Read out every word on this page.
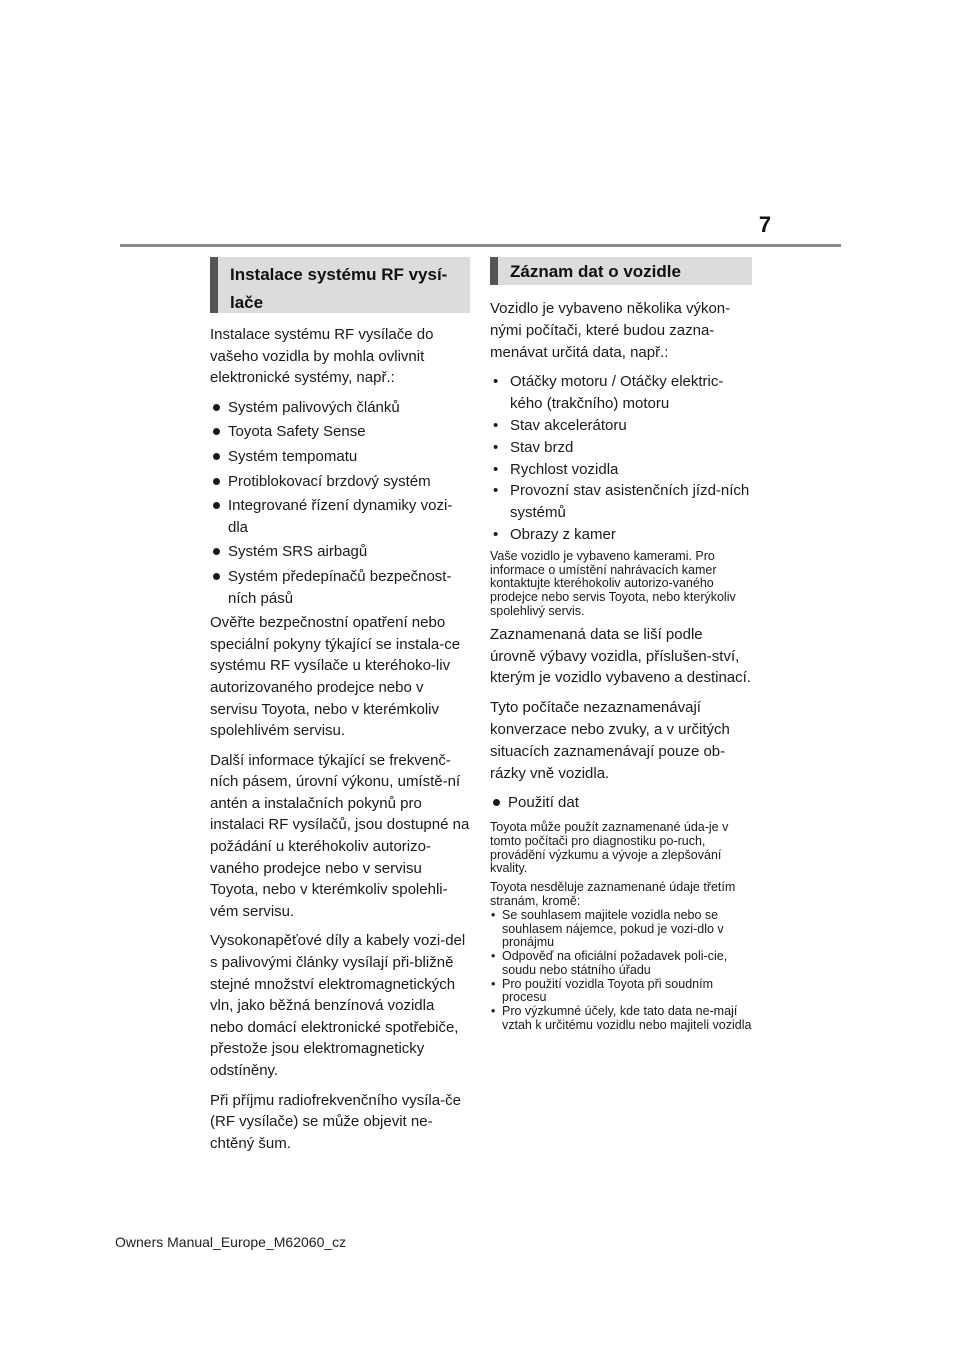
7
Instalace systému RF vysí-lače

Instalace systému RF vysílače do vašeho vozidla by mohla ovlivnit elektronické systémy, např.:

Systém palivových článků
Toyota Safety Sense
Systém tempomatu
Protiblokovací brzdový systém
Integrované řízení dynamiky vozi-dla
Systém SRS airbagů
Systém předepínačů bezpečnost-ních pásů

Ověřte bezpečnostní opatření nebo speciální pokyny týkající se instala-ce systému RF vysílače u kteréhoko-liv autorizovaného prodejce nebo v servisu Toyota, nebo v kterémkoliv spolehlivém servisu.

Další informace týkající se frekvenč-ních pásem, úrovní výkonu, umístě-ní antén a instalačních pokynů pro instalaci RF vysílačů, jsou dostupné na požádání u kteréhokoliv autorizo-vaného prodejce nebo v servisu Toyota, nebo v kterémkoliv spolehli-vém servisu.

Vysokonapěťové díly a kabely vozi-del s palivovými články vysílají při-bližně stejné množství elektromagnetických vln, jako běžná benzínová vozidla nebo domácí elektronické spotřebiče, přestože jsou elektromagneticky odstíněny.

Při příjmu radiofrekvenčního vysíla-če (RF vysílače) se může objevit ne-chtěný šum.

Záznam dat o vozidle

Vozidlo je vybaveno několika výkon-nými počítači, které budou zazna-menávat určitá data, např.:

• Otáčky motoru / Otáčky elektric-kého (trakčního) motoru
• Stav akcelerátoru
• Stav brzd
• Rychlost vozidla
• Provozní stav asistenčních jízd-ních systémů
• Obrazy z kamer

Vaše vozidlo je vybaveno kamerami. Pro informace o umístění nahrávacích kamer kontaktujte kteréhokoliv autorizo-vaného prodejce nebo servis Toyota, nebo kterýkoliv spolehlivý servis.

Zaznamenaná data se liší podle úrovně výbavy vozidla, příslušen-ství, kterým je vozidlo vybaveno a destinací.

Tyto počítače nezaznamenávají konverzace nebo zvuky, a v určitých situacích zaznamenávají pouze ob-rázky vně vozidla.

Použití dat

Toyota může použít zaznamenané úda-je v tomto počítači pro diagnostiku po-ruch, provádění výzkumu a vývoje a zlepšování kvality.

Toyota nesděluje zaznamenané údaje třetím stranám, kromě:

• Se souhlasem majitele vozidla nebo se souhlasem nájemce, pokud je vozi-dlo v pronájmu
• Odpověď na oficiální požadavek poli-cie, soudu nebo státního úřadu
• Pro použití vozidla Toyota při soudním procesu
• Pro výzkumné účely, kde tato data ne-mají vztah k určitému vozidlu nebo majiteli vozidla
Owners Manual_Europe_M62060_cz
